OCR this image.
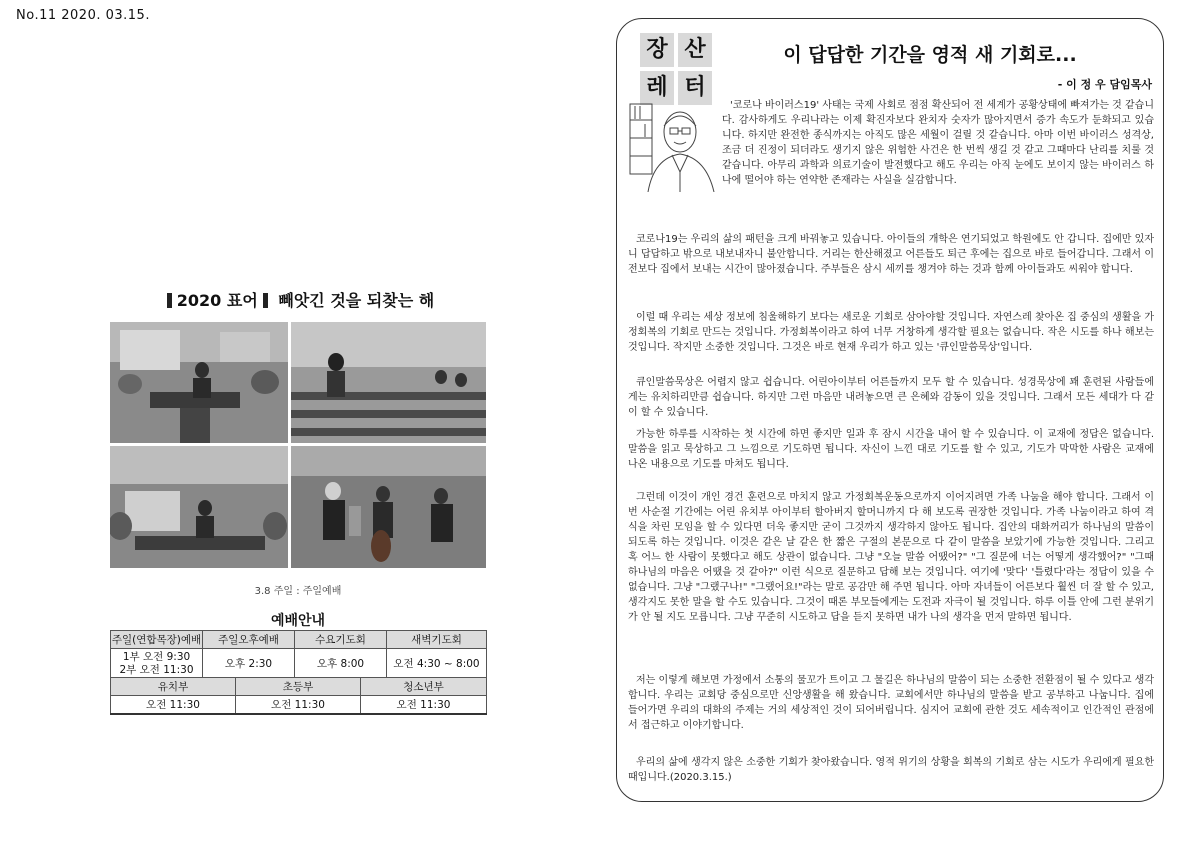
No.11 2020. 03.15.
2020 표어 빼앗긴 것을 되찾는 해
3.8 주일 : 주일예배
예배안내
주일(연합목장)예배	주일오후예배	수요기도회	새벽기도회

1부 오전 9:30
2부 오전 11:30	오후 2:30	오후 8:00	오전 4:30 ~ 8:00
유치부	초등부	청소년부
오전 11:30	오전 11:30	오전 11:30
장 산
레 터
이 답답한 기간을 영적 새 기회로...
- 이 정 우 담임목사

'코로나 바이러스19' 사태는 국제 사회로 점점 확산되어 전 세계가 공황상태에 빠져가는 것 같습니다. 감사하게도 우리나라는 이제 확진자보다 완치자 숫자가 많아지면서 증가 속도가 둔화되고 있습니다. 하지만 완전한 종식까지는 아직도 많은 세월이 걸릴 것 같습니다. 아마 이번 바이러스 성격상, 조금 더 진정이 되더라도 생기지 않은 위험한 사건은 한 번씩 생길 것 같고 그때마다 난리를 치룰 것 같습니다. 아무리 과학과 의료기술이 발전했다고 해도 우리는 아직 눈에도 보이지 않는 바이러스 하나에 떨어야 하는 연약한 존재라는 사실을 실감합니다.

코로나19는 우리의 삶의 패턴을 크게 바꿔놓고 있습니다. 아이들의 개학은 연기되었고 학원에도 안 갑니다. 집에만 있자니 답답하고 밖으로 내보내자니 불안합니다. 거리는 한산해졌고 어른들도 퇴근 후에는 집으로 바로 들어갑니다. 그래서 이전보다 집에서 보내는 시간이 많아졌습니다. 주부들은 삼시 세끼를 챙겨야 하는 것과 함께 아이들과도 씨워야 합니다.

이럴 때 우리는 세상 정보에 침울해하기 보다는 새로운 기회로 삼아야할 것입니다. 자연스레 찾아온 집 중심의 생활을 가정회복의 기회로 만드는 것입니다. 가정회복이라고 하여 너무 거창하게 생각할 필요는 없습니다. 작은 시도를 하나 해보는 것입니다. 작지만 소중한 것입니다. 그것은 바로 현재 우리가 하고 있는 '큐인말씀묵상'입니다.

큐인말씀묵상은 어렵지 않고 쉽습니다. 어린아이부터 어른들까지 모두 할 수 있습니다. 성경묵상에 꽤 훈련된 사람들에게는 유치하리만큼 쉽습니다. 하지만 그런 마음만 내려놓으면 큰 은혜와 감동이 있을 것입니다. 그래서 모든 세대가 다 같이 할 수 있습니다.

가능한 하루를 시작하는 첫 시간에 하면 좋지만 일과 후 잠시 시간을 내어 할 수 있습니다. 이 교재에 정답은 없습니다. 말씀을 읽고 묵상하고 그 느낌으로 기도하면 됩니다. 자신이 느낀 대로 기도를 할 수 있고, 기도가 막막한 사람은 교재에 나온 내용으로 기도를 마쳐도 됩니다.

그런데 이것이 개인 경건 훈련으로 마치지 않고 가정회복운동으로까지 이어지려면 가족 나눔을 해야 합니다. 그래서 이번 사순절 기간에는 어린 유치부 아이부터 할아버지 할머니까지 다 해 보도록 권장한 것입니다. 가족 나눔이라고 하여 격식을 차린 모임을 할 수 있다면 더욱 좋지만 굳이 그것까지 생각하지 않아도 됩니다. 집안의 대화꺼리가 하나님의 말씀이 되도록 하는 것입니다. 이것은 같은 날 같은 한 짧은 구절의 본문으로 다 같이 말씀을 보았기에 가능한 것입니다. 그리고 혹 어느 한 사람이 못했다고 해도 상관이 없습니다. 그냥 "오늘 말씀 어땠어?" "그 질문에 너는 어떻게 생각했어?" "그때 하나님의 마음은 어땠을 것 같아?" 이런 식으로 질문하고 답해 보는 것입니다. 여기에 '맞다' '틀렸다'라는 정답이 있을 수 없습니다. 그냥 "그랬구나!" "그랬어요!"라는 말로 공감만 해 주면 됩니다. 아마 자녀들이 어른보다 훨씬 더 잘 할 수 있고, 생각지도 못한 말을 할 수도 있습니다. 그것이 때론 부모들에게는 도전과 자극이 될 것입니다. 하루 이틀 안에 그런 분위기가 안 될 지도 모릅니다. 그냥 꾸준히 시도하고 답을 듣지 못하면 내가 나의 생각을 먼저 말하면 됩니다.

저는 이렇게 해보면 가정에서 소통의 물꼬가 트이고 그 물길은 하나님의 말씀이 되는 소중한 전환점이 될 수 있다고 생각합니다. 우리는 교회당 중심으로만 신앙생활을 해 왔습니다. 교회에서만 하나님의 말씀을 받고 공부하고 나눕니다. 집에 들어가면 우리의 대화의 주제는 거의 세상적인 것이 되어버립니다. 심지어 교회에 관한 것도 세속적이고 인간적인 관점에서 접근하고 이야기합니다.

우리의 삶에 생각지 않은 소중한 기회가 찾아왔습니다. 영적 위기의 상황을 회복의 기회로 삼는 시도가 우리에게 필요한 때입니다.(2020.3.15.)
